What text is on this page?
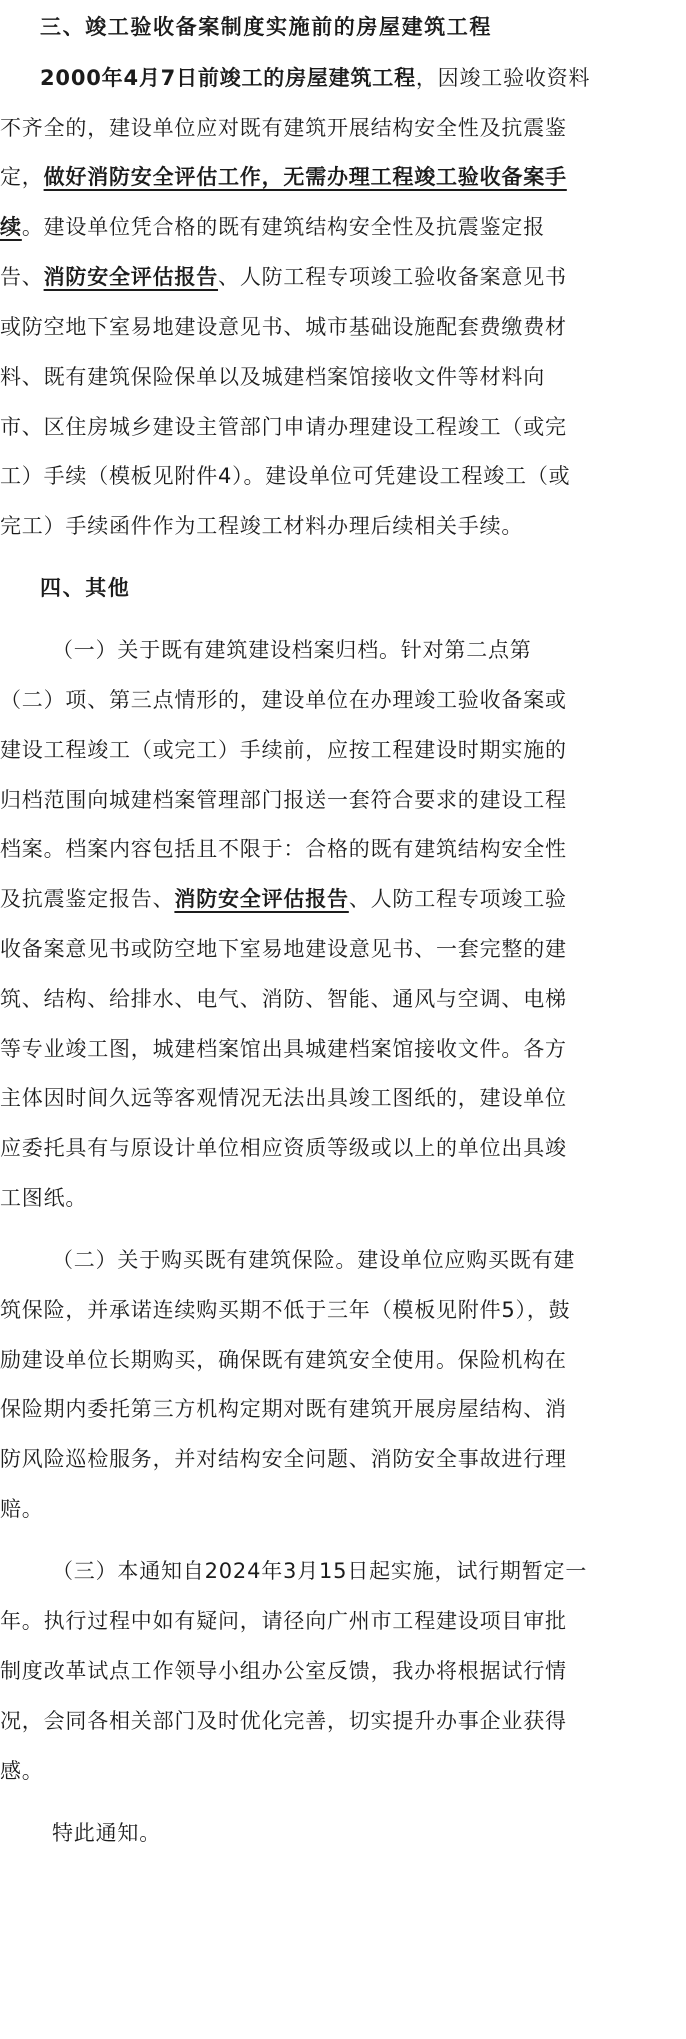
三、竣工验收备案制度实施前的房屋建筑工程

2000年4月7日前竣工的房屋建筑工程，因竣工验收资料

不齐全的，建设单位应对既有建筑开展结构安全性及抗震鉴

定，做好消防安全评估工作，无需办理工程竣工验收备案手

续。建设单位凭合格的既有建筑结构安全性及抗震鉴定报

告、消防安全评估报告、人防工程专项竣工验收备案意见书

或防空地下室易地建设意见书、城市基础设施配套费缴费材

料、既有建筑保险保单以及城建档案馆接收文件等材料向

市、区住房城乡建设主管部门申请办理建设工程竣工（或完

工）手续（模板见附件4）。建设单位可凭建设工程竣工（或

完工）手续函件作为工程竣工材料办理后续相关手续。

四、其他

（一）关于既有建筑建设档案归档。针对第二点第

（二）项、第三点情形的，建设单位在办理竣工验收备案或

建设工程竣工（或完工）手续前，应按工程建设时期实施的

归档范围向城建档案管理部门报送一套符合要求的建设工程

档案。档案内容包括且不限于：合格的既有建筑结构安全性

及抗震鉴定报告、消防安全评估报告、人防工程专项竣工验

收备案意见书或防空地下室易地建设意见书、一套完整的建

筑、结构、给排水、电气、消防、智能、通风与空调、电梯

等专业竣工图，城建档案馆出具城建档案馆接收文件。各方

主体因时间久远等客观情况无法出具竣工图纸的，建设单位

应委托具有与原设计单位相应资质等级或以上的单位出具竣

工图纸。

（二）关于购买既有建筑保险。建设单位应购买既有建

筑保险，并承诺连续购买期不低于三年（模板见附件5），鼓

励建设单位长期购买，确保既有建筑安全使用。保险机构在

保险期内委托第三方机构定期对既有建筑开展房屋结构、消

防风险巡检服务，并对结构安全问题、消防安全事故进行理

赔。

（三）本通知自2024年3月15日起实施，试行期暂定一

年。执行过程中如有疑问，请径向广州市工程建设项目审批

制度改革试点工作领导小组办公室反馈，我办将根据试行情

况，会同各相关部门及时优化完善，切实提升办事企业获得

感。

特此通知。
